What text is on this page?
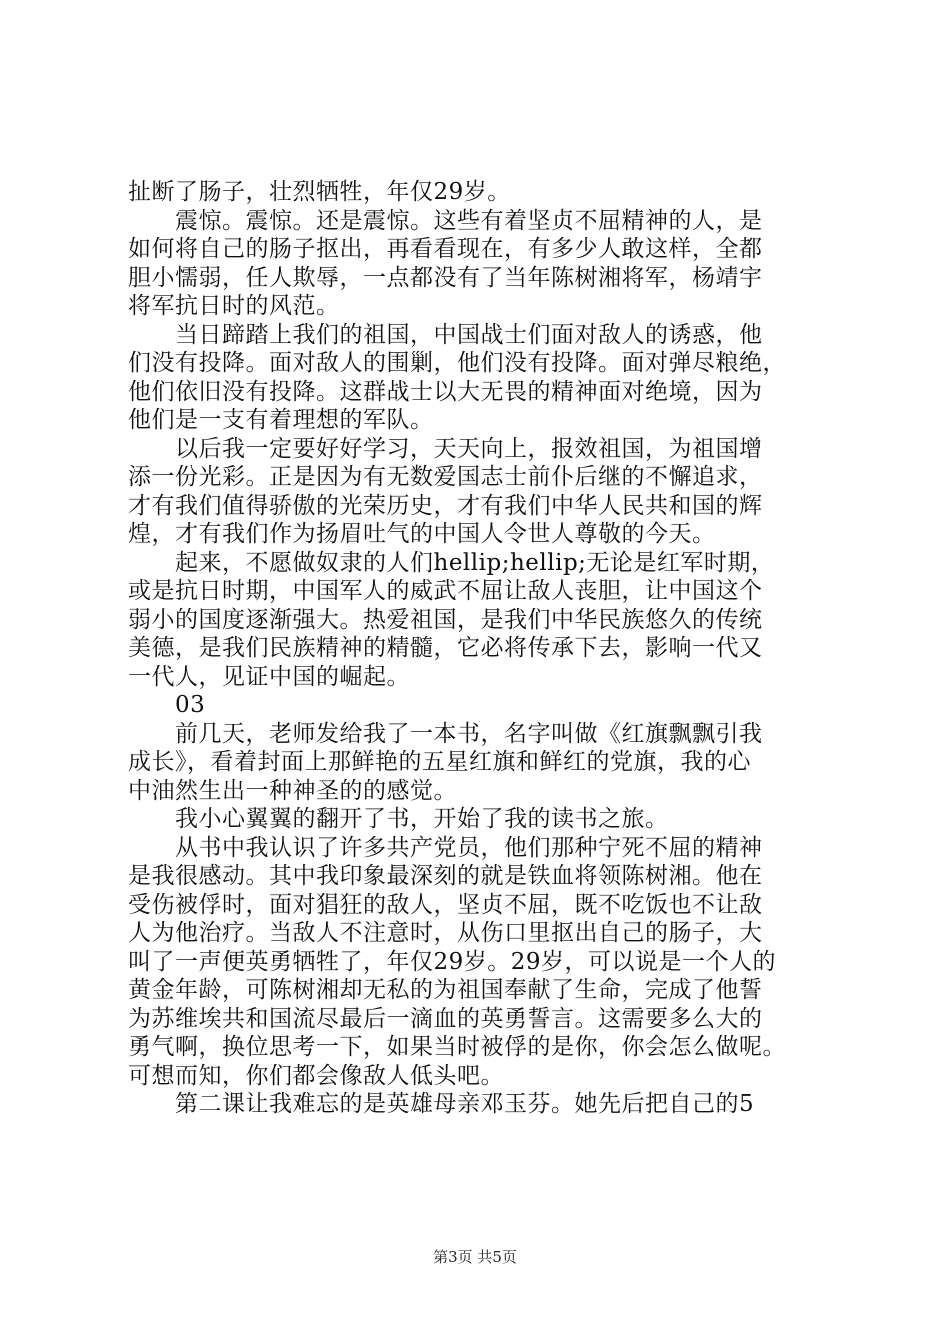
扯断了肠子，壮烈牺牲，年仅29岁。
震惊。震惊。还是震惊。这些有着坚贞不屈精神的人，是
如何将自己的肠子抠出，再看看现在，有多少人敢这样，全都
胆小懦弱，任人欺辱，一点都没有了当年陈树湘将军，杨靖宇
将军抗日时的风范。
当日蹄踏上我们的祖国，中国战士们面对敌人的诱惑，他
们没有投降。面对敌人的围剿，他们没有投降。面对弹尽粮绝，
他们依旧没有投降。这群战士以大无畏的精神面对绝境，因为
他们是一支有着理想的军队。
以后我一定要好好学习，天天向上，报效祖国，为祖国增
添一份光彩。正是因为有无数爱国志士前仆后继的不懈追求，
才有我们值得骄傲的光荣历史，才有我们中华人民共和国的辉
煌，才有我们作为扬眉吐气的中国人令世人尊敬的今天。
起来，不愿做奴隶的人们hellip;hellip;无论是红军时期，
或是抗日时期，中国军人的威武不屈让敌人丧胆，让中国这个
弱小的国度逐渐强大。热爱祖国，是我们中华民族悠久的传统
美德，是我们民族精神的精髓，它必将传承下去，影响一代又
一代人，见证中国的崛起。
03
前几天，老师发给我了一本书，名字叫做《红旗飘飘引我
成长》，看着封面上那鲜艳的五星红旗和鲜红的党旗，我的心
中油然生出一种神圣的的感觉。
我小心翼翼的翻开了书，开始了我的读书之旅。
从书中我认识了许多共产党员，他们那种宁死不屈的精神
是我很感动。其中我印象最深刻的就是铁血将领陈树湘。他在
受伤被俘时，面对猖狂的敌人，坚贞不屈，既不吃饭也不让敌
人为他治疗。当敌人不注意时，从伤口里抠出自己的肠子，大
叫了一声便英勇牺牲了，年仅29岁。29岁，可以说是一个人的
黄金年龄，可陈树湘却无私的为祖国奉献了生命，完成了他誓
为苏维埃共和国流尽最后一滴血的英勇誓言。这需要多么大的
勇气啊，换位思考一下，如果当时被俘的是你，你会怎么做呢。
可想而知，你们都会像敌人低头吧。
第二课让我难忘的是英雄母亲邓玉芬。她先后把自己的5
第3页 共5页
